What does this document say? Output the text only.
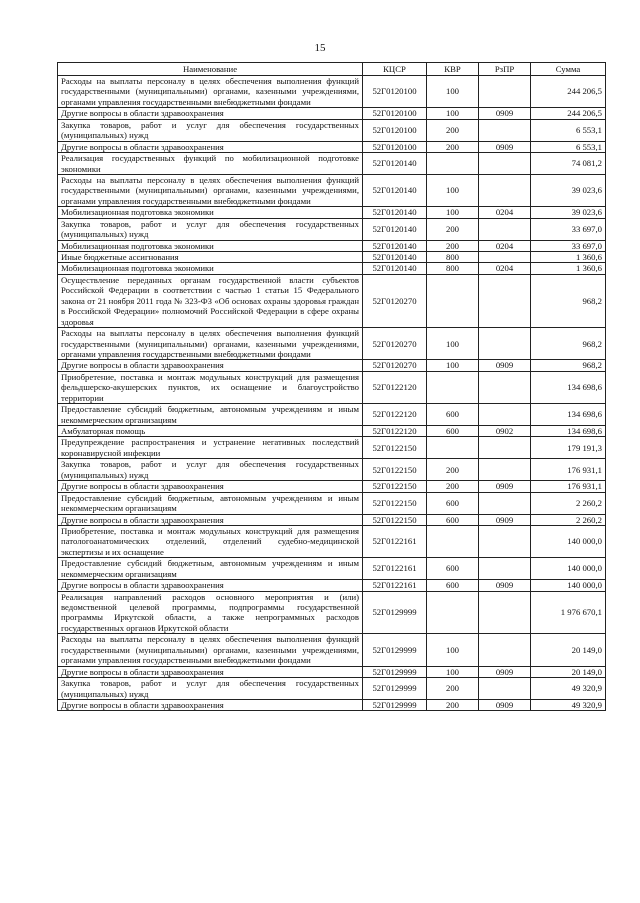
15
Наименование	КЦСР	КВР	РзПР	Сумма
Расходы на выплаты персоналу в целях обеспечения выполнения функций государственными (муниципальными) органами, казенными учреждениями, органами управления государственными внебюджетными фондами	52Г0120100	100		244 206,5
Другие вопросы в области здравоохранения	52Г0120100	100	0909	244 206,5
Закупка товаров, работ и услуг для обеспечения государственных (муниципальных) нужд	52Г0120100	200		6 553,1
Другие вопросы в области здравоохранения	52Г0120100	200	0909	6 553,1
Реализация государственных функций по мобилизационной подготовке экономики	52Г0120140			74 081,2
Расходы на выплаты персоналу в целях обеспечения выполнения функций государственными (муниципальными) органами, казенными учреждениями, органами управления государственными внебюджетными фондами	52Г0120140	100		39 023,6
Мобилизационная подготовка экономики	52Г0120140	100	0204	39 023,6
Закупка товаров, работ и услуг для обеспечения государственных (муниципальных) нужд	52Г0120140	200		33 697,0
Мобилизационная подготовка экономики	52Г0120140	200	0204	33 697,0
Иные бюджетные ассигнования	52Г0120140	800		1 360,6
Мобилизационная подготовка экономики	52Г0120140	800	0204	1 360,6
Осуществление переданных органам государственной власти субъектов Российской Федерации в соответствии с частью 1 статьи 15 Федерального закона от 21 ноября 2011 года № 323-ФЗ «Об основах охраны здоровья граждан в Российской Федерации» полномочий Российской Федерации в сфере охраны здоровья	52Г0120270			968,2
Расходы на выплаты персоналу в целях обеспечения выполнения функций государственными (муниципальными) органами, казенными учреждениями, органами управления государственными внебюджетными фондами	52Г0120270	100		968,2
Другие вопросы в области здравоохранения	52Г0120270	100	0909	968,2
Приобретение, поставка и монтаж модульных конструкций для размещения фельдшерско-акушерских пунктов, их оснащение и благоустройство территории	52Г0122120			134 698,6
Предоставление субсидий бюджетным, автономным учреждениям и иным некоммерческим организациям	52Г0122120	600		134 698,6
Амбулаторная помощь	52Г0122120	600	0902	134 698,6
Предупреждение распространения и устранение негативных последствий коронавирусной инфекции	52Г0122150			179 191,3
Закупка товаров, работ и услуг для обеспечения государственных (муниципальных) нужд	52Г0122150	200		176 931,1
Другие вопросы в области здравоохранения	52Г0122150	200	0909	176 931,1
Предоставление субсидий бюджетным, автономным учреждениям и иным некоммерческим организациям	52Г0122150	600		2 260,2
Другие вопросы в области здравоохранения	52Г0122150	600	0909	2 260,2
Приобретение, поставка и монтаж модульных конструкций для размещения патологоанатомических отделений, отделений судебно-медицинской экспертизы и их оснащение	52Г0122161			140 000,0
Предоставление субсидий бюджетным, автономным учреждениям и иным некоммерческим организациям	52Г0122161	600		140 000,0
Другие вопросы в области здравоохранения	52Г0122161	600	0909	140 000,0
Реализация направлений расходов основного мероприятия и (или) ведомственной целевой программы, подпрограммы государственной программы Иркутской области, а также непрограммных расходов государственных органов Иркутской области	52Г0129999			1 976 670,1
Расходы на выплаты персоналу в целях обеспечения выполнения функций государственными (муниципальными) органами, казенными учреждениями, органами управления государственными внебюджетными фондами	52Г0129999	100		20 149,0
Другие вопросы в области здравоохранения	52Г0129999	100	0909	20 149,0
Закупка товаров, работ и услуг для обеспечения государственных (муниципальных) нужд	52Г0129999	200		49 320,9
Другие вопросы в области здравоохранения	52Г0129999	200	0909	49 320,9
